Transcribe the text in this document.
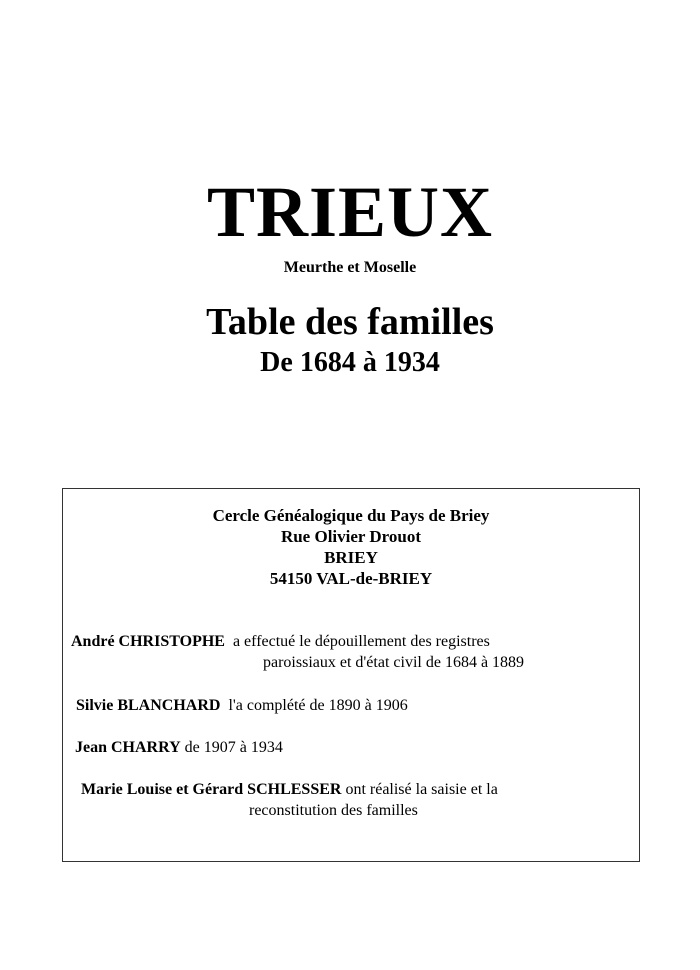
TRIEUX
Meurthe et Moselle
Table des familles
De 1684 à 1934
Cercle Généalogique du Pays de Briey
Rue Olivier Drouot
BRIEY
54150 VAL-de-BRIEY
André CHRISTOPHE a effectué le dépouillement des registres
paroissiaux et d'état civil de 1684 à 1889
Silvie BLANCHARD l'a complété de 1890 à 1906
Jean CHARRY de 1907 à 1934
Marie Louise et Gérard SCHLESSER ont réalisé la saisie et la
reconstitution des familles
